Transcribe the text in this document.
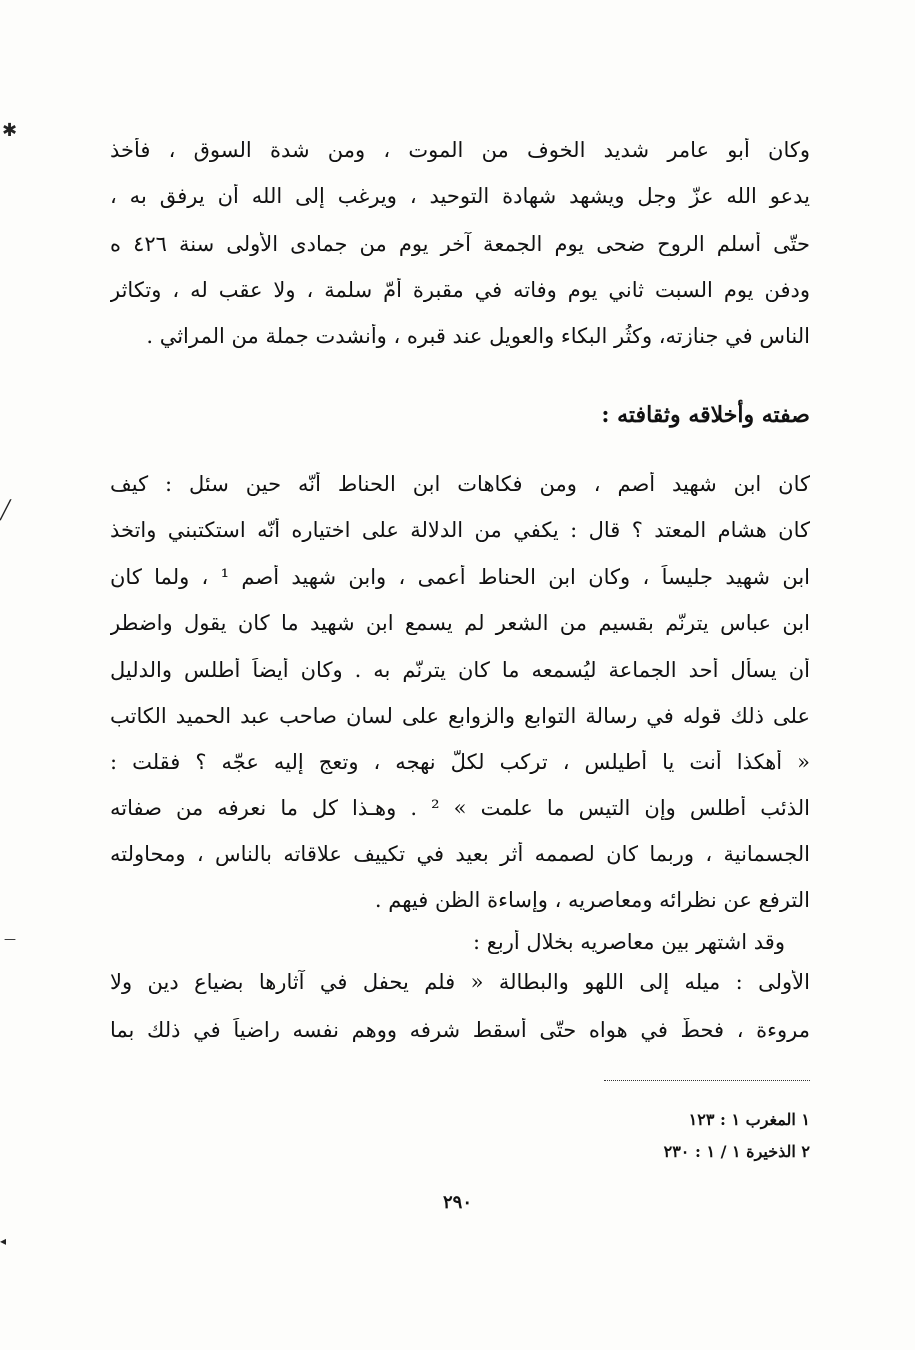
✱
╱
—
◂
وكان أبو عامر شديد الخوف من الموت ، ومن شدة السوق ، فأخذ
يدعو الله عزّ وجل ويشهد شهادة التوحيد ، ويرغب إلى الله أن يرفق به ،
حتّى أسلم الروح ضحى يوم الجمعة آخر يوم من جمادى الأولى سنة ٤٢٦ ه
ودفن يوم السبت ثاني يوم وفاته في مقبرة أمّ سلمة ، ولا عقب له ، وتكاثر
الناس في جنازته، وكثُر البكاء والعويل عند قبره ، وأُنشدت جملة من المراثي .
صفته وأخلاقه وثقافته :
كان ابن شهيد أصم ، ومن فكاهات ابن الحناط أنّه حين سئل : كيف
كان هشام المعتد ؟ قال : يكفي من الدلالة على اختياره أنّه استكتبني واتخذ
ابن شهيد جليساً ، وكان ابن الحناط أعمى ، وابن شهيد أصم ¹ ، ولما كان
ابن عباس يترنّم بقسيم من الشعر لم يسمع ابن شهيد ما كان يقول واضطر
أن يسأل أحد الجماعة ليُسمعه ما كان يترنّم به . وكان أيضاً أطلس والدليل
على ذلك قوله في رسالة التوابع والزوابع على لسان صاحب عبد الحميد الكاتب
« أهكذا أنت يا أطيلس ، تركب لكلّ نهجه ، وتعج إليه عجّه ؟ فقلت :
الذئب أطلس وإن التيس ما علمت » ² . وهـذا كل ما نعرفه من صفاته
الجسمانية ، وربما كان لصممه أثر بعيد في تكييف علاقاته بالناس ، ومحاولته
الترفع عن نظرائه ومعاصريه ، وإساءة الظن فيهم .
وقد اشتهر بين معاصريه بخلال أربع :
الأولى : ميله إلى اللهو والبطالة « فلم يحفل في آثارها بضياع دين ولا
مروءة ، فحطّ في هواه حتّى أسقط شرفه ووهم نفسه راضياً في ذلك بما
١ المغرب ١ : ١٢٣
٢ الذخيرة ١ / ١ : ٢٣٠
٢٩٠
